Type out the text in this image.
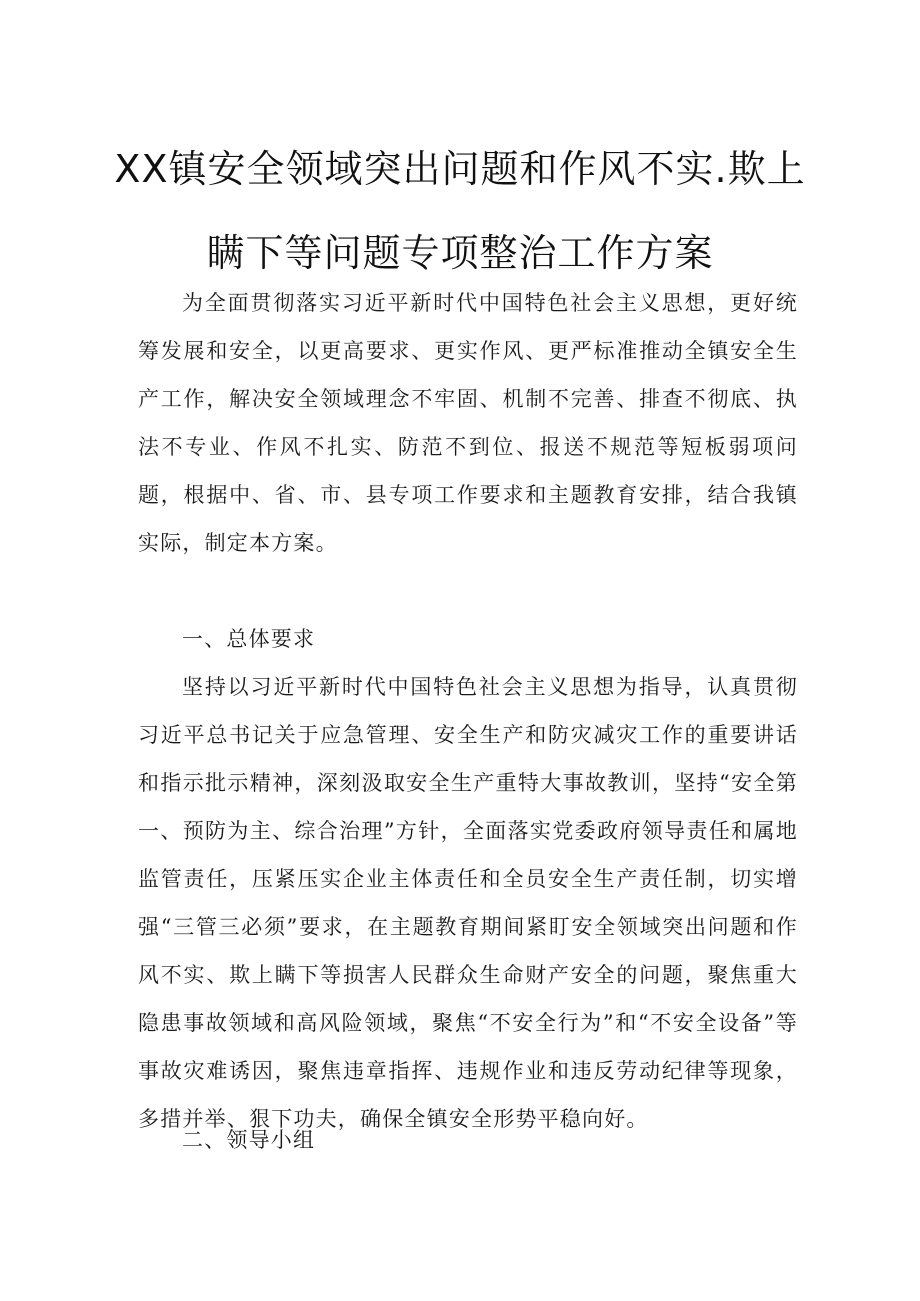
XX镇安全领域突出问题和作风不实.欺上
瞒下等问题专项整治工作方案

为全面贯彻落实习近平新时代中国特色社会主义思想，更好统筹发展和安全，以更高要求、更实作风、更严标准推动全镇安全生产工作，解决安全领域理念不牢固、机制不完善、排查不彻底、执法不专业、作风不扎实、防范不到位、报送不规范等短板弱项问题，根据中、省、市、县专项工作要求和主题教育安排，结合我镇实际，制定本方案。

一、总体要求

坚持以习近平新时代中国特色社会主义思想为指导，认真贯彻习近平总书记关于应急管理、安全生产和防灾减灾工作的重要讲话和指示批示精神，深刻汲取安全生产重特大事故教训，坚持“安全第一、预防为主、综合治理”方针，全面落实党委政府领导责任和属地监管责任，压紧压实企业主体责任和全员安全生产责任制，切实增强“三管三必须”要求，在主题教育期间紧盯安全领域突出问题和作风不实、欺上瞒下等损害人民群众生命财产安全的问题，聚焦重大隐患事故领域和高风险领域，聚焦“不安全行为”和“不安全设备”等事故灾难诱因，聚焦违章指挥、违规作业和违反劳动纪律等现象，多措并举、狠下功夫，确保全镇安全形势平稳向好。

二、领导小组
